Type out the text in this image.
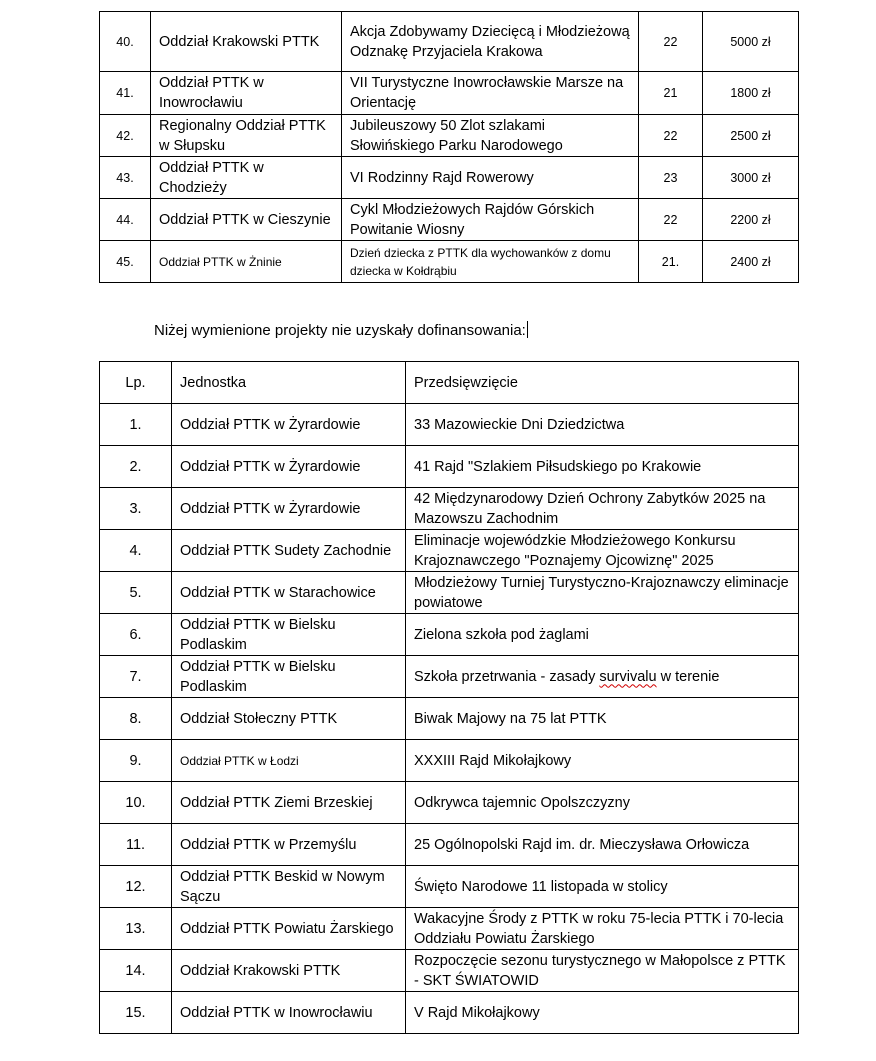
40.	Oddział Krakowski PTTK	Akcja Zdobywamy Dziecięcą i Młodzieżową Odznakę Przyjaciela Krakowa	22	5000 zł
41.	Oddział PTTK w Inowrocławiu	VII Turystyczne Inowrocławskie Marsze na Orientację	21	1800 zł
42.	Regionalny Oddział PTTK w Słupsku	Jubileuszowy 50 Zlot szlakami Słowińskiego Parku Narodowego	22	2500 zł
43.	Oddział PTTK w Chodzieży	VI Rodzinny Rajd Rowerowy	23	3000 zł
44.	Oddział PTTK w Cieszynie	Cykl Młodzieżowych Rajdów Górskich Powitanie Wiosny	22	2200 zł
45.	Oddział PTTK w Żninie	Dzień dziecka z PTTK dla wychowanków z domu dziecka w Kołdrąbiu	21.	2400 zł
Niżej wymienione projekty nie uzyskały dofinansowania:
Lp.	Jednostka	Przedsięwzięcie
1.	Oddział PTTK w Żyrardowie	33 Mazowieckie Dni Dziedzictwa
2.	Oddział PTTK w Żyrardowie	41 Rajd "Szlakiem Piłsudskiego po Krakowie
3.	Oddział PTTK w Żyrardowie	42 Międzynarodowy Dzień Ochrony Zabytków 2025 na Mazowszu Zachodnim
4.	Oddział PTTK Sudety Zachodnie	Eliminacje wojewódzkie Młodzieżowego Konkursu Krajoznawczego "Poznajemy Ojcowiznę" 2025
5.	Oddział PTTK w Starachowice	Młodzieżowy Turniej Turystyczno-Krajoznawczy eliminacje powiatowe
6.	Oddział PTTK w Bielsku Podlaskim	Zielona szkoła pod żaglami
7.	Oddział PTTK w Bielsku Podlaskim	Szkoła przetrwania - zasady survivalu w terenie
8.	Oddział Stołeczny PTTK	Biwak Majowy na 75 lat PTTK
9.	Oddział PTTK w Łodzi	XXXIII Rajd Mikołajkowy
10.	Oddział PTTK Ziemi Brzeskiej	Odkrywca tajemnic Opolszczyzny
11.	Oddział PTTK w Przemyślu	25 Ogólnopolski Rajd im. dr. Mieczysława Orłowicza
12.	Oddział PTTK Beskid w Nowym Sączu	Święto Narodowe 11 listopada w stolicy
13.	Oddział PTTK Powiatu Żarskiego	Wakacyjne Środy z PTTK w roku 75-lecia PTTK i 70-lecia Oddziału Powiatu Żarskiego
14.	Oddział Krakowski PTTK	Rozpoczęcie sezonu turystycznego w Małopolsce z PTTK - SKT ŚWIATOWID
15.	Oddział PTTK w Inowrocławiu	V Rajd Mikołajkowy
